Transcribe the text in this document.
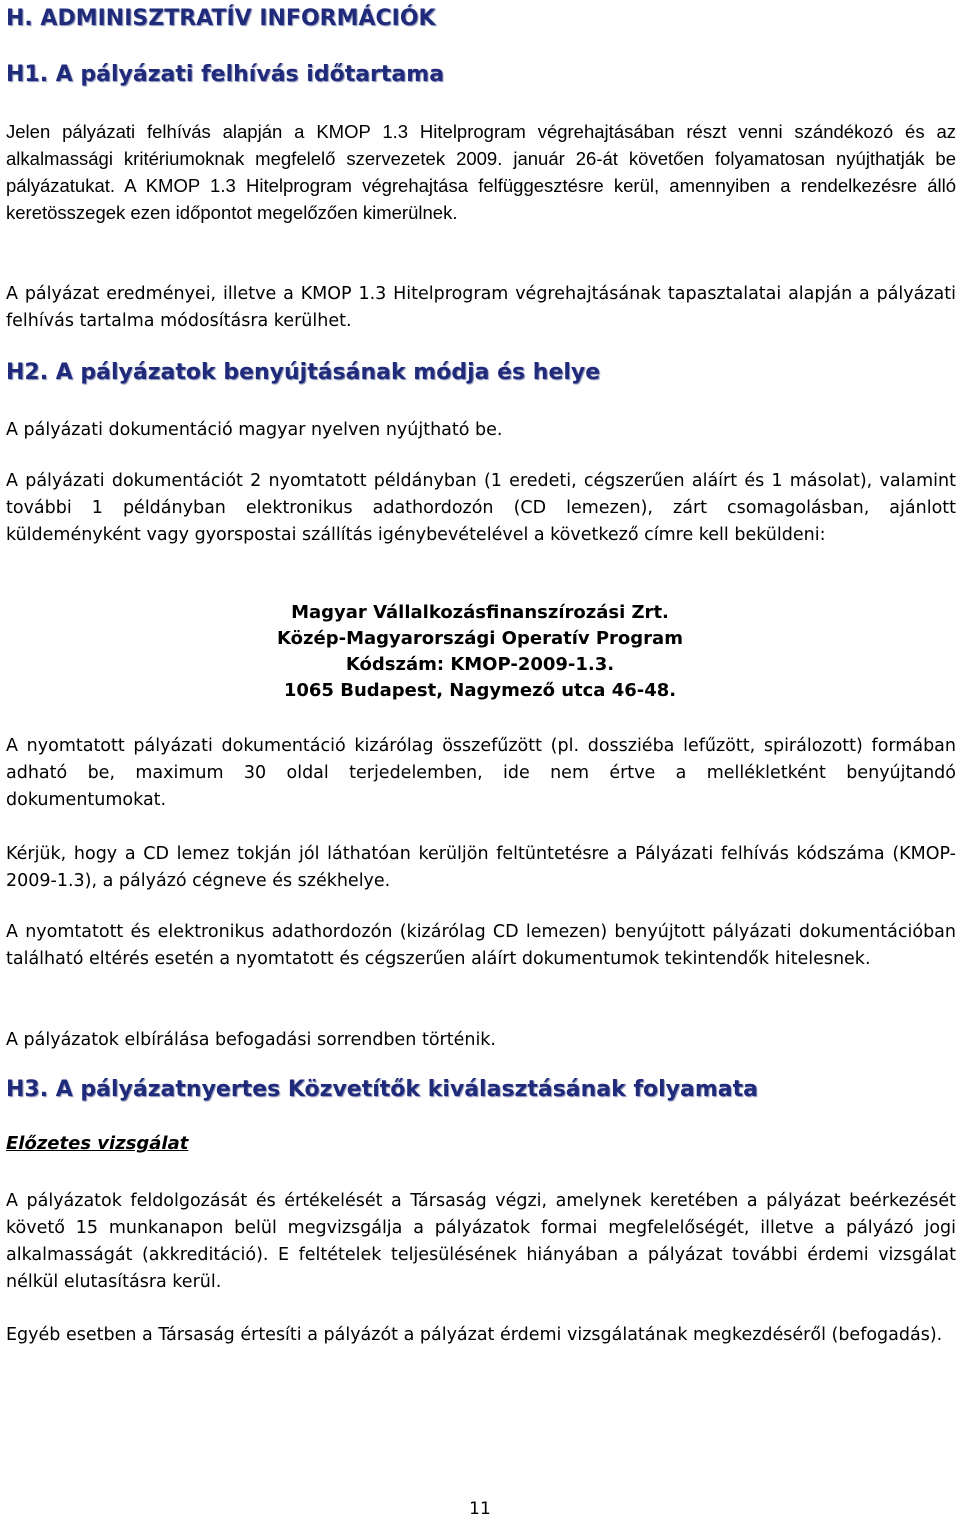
H. ADMINISZTRATÍV INFORMÁCIÓK
H1. A pályázati felhívás időtartama

Jelen pályázati felhívás alapján a KMOP 1.3 Hitelprogram végrehajtásában részt venni szándékozó és az alkalmassági kritériumoknak megfelelő szervezetek 2009. január 26-át követően folyamatosan nyújthatják be pályázatukat. A KMOP 1.3 Hitelprogram végrehajtása felfüggesztésre kerül, amennyiben a rendelkezésre álló keretösszegek ezen időpontot megelőzően kimerülnek.

A pályázat eredményei, illetve a KMOP 1.3 Hitelprogram végrehajtásának tapasztalatai alapján a pályázati felhívás tartalma módosításra kerülhet.

H2. A pályázatok benyújtásának módja és helye

A pályázati dokumentáció magyar nyelven nyújtható be.

A pályázati dokumentációt 2 nyomtatott példányban (1 eredeti, cégszerűen aláírt és 1 másolat), valamint további 1 példányban elektronikus adathordozón (CD lemezen), zárt csomagolásban, ajánlott küldeményként vagy gyorspostai szállítás igénybevételével a következő címre kell beküldeni:

Magyar Vállalkozásfinanszírozási Zrt.
Közép-Magyarországi Operatív Program
Kódszám: KMOP-2009-1.3.
1065 Budapest, Nagymező utca 46-48.

A nyomtatott pályázati dokumentáció kizárólag összefűzött (pl. dossziéba lefűzött, spirálozott) formában adható be, maximum 30 oldal terjedelemben, ide nem értve a mellékletként benyújtandó dokumentumokat.

Kérjük, hogy a CD lemez tokján jól láthatóan kerüljön feltüntetésre a Pályázati felhívás kódszáma (KMOP-2009-1.3), a pályázó cégneve és székhelye.

A nyomtatott és elektronikus adathordozón (kizárólag CD lemezen) benyújtott pályázati dokumentációban található eltérés esetén a nyomtatott és cégszerűen aláírt dokumentumok tekintendők hitelesnek.

A pályázatok elbírálása befogadási sorrendben történik.

H3. A pályázatnyertes Közvetítők kiválasztásának folyamata
Előzetes vizsgálat

A pályázatok feldolgozását és értékelését a Társaság végzi, amelynek keretében a pályázat beérkezését követő 15 munkanapon belül megvizsgálja a pályázatok formai megfelelőségét, illetve a pályázó jogi alkalmasságát (akkreditáció). E feltételek teljesülésének hiányában a pályázat további érdemi vizsgálat nélkül elutasításra kerül.

Egyéb esetben a Társaság értesíti a pályázót a pályázat érdemi vizsgálatának megkezdéséről (befogadás).

11
